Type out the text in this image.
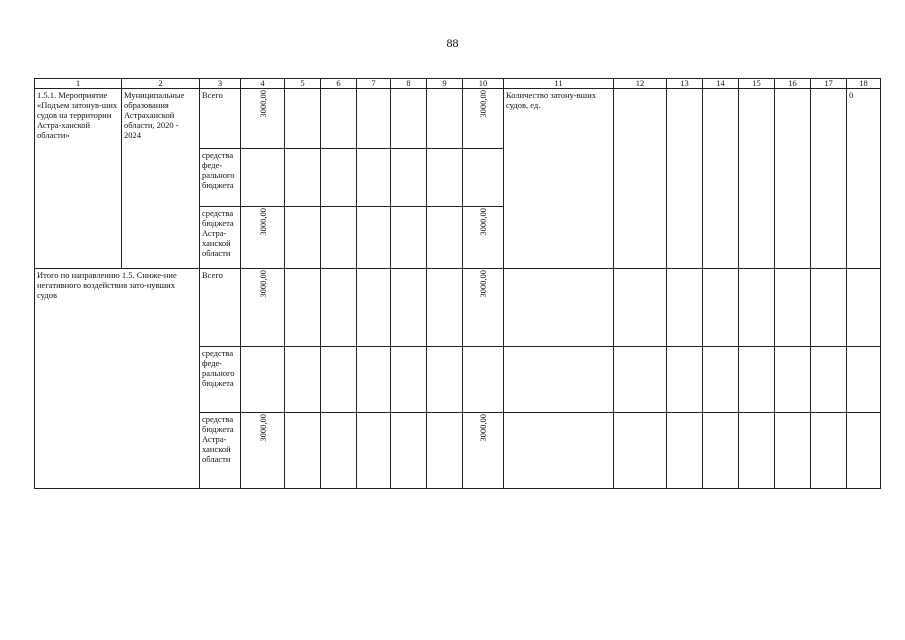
88
1	2	3	4	5	6	7	8	9	10	11	12	13	14	15	16	17	18
1.5.1. Мероприятие «Подъем затонув-ших судов на территории Астра-ханской области»	Муниципальные образования Астраханской области, 2020 - 2024	Всего	3000,00						3000,00	Количество затону-вших судов, ед.							0
		средства феде-рального бюджета															
		средства бюджета Астра-ханской области	3000,00						3000,00								

Итого по направлению 1.5. Сниже-ние негативного воздействия зато-нувших судов		Всего	3000,00						3000,00								

		средства феде-рального бюджета															
		средства бюджета Астра-ханской области	3000,00						3000,00								
